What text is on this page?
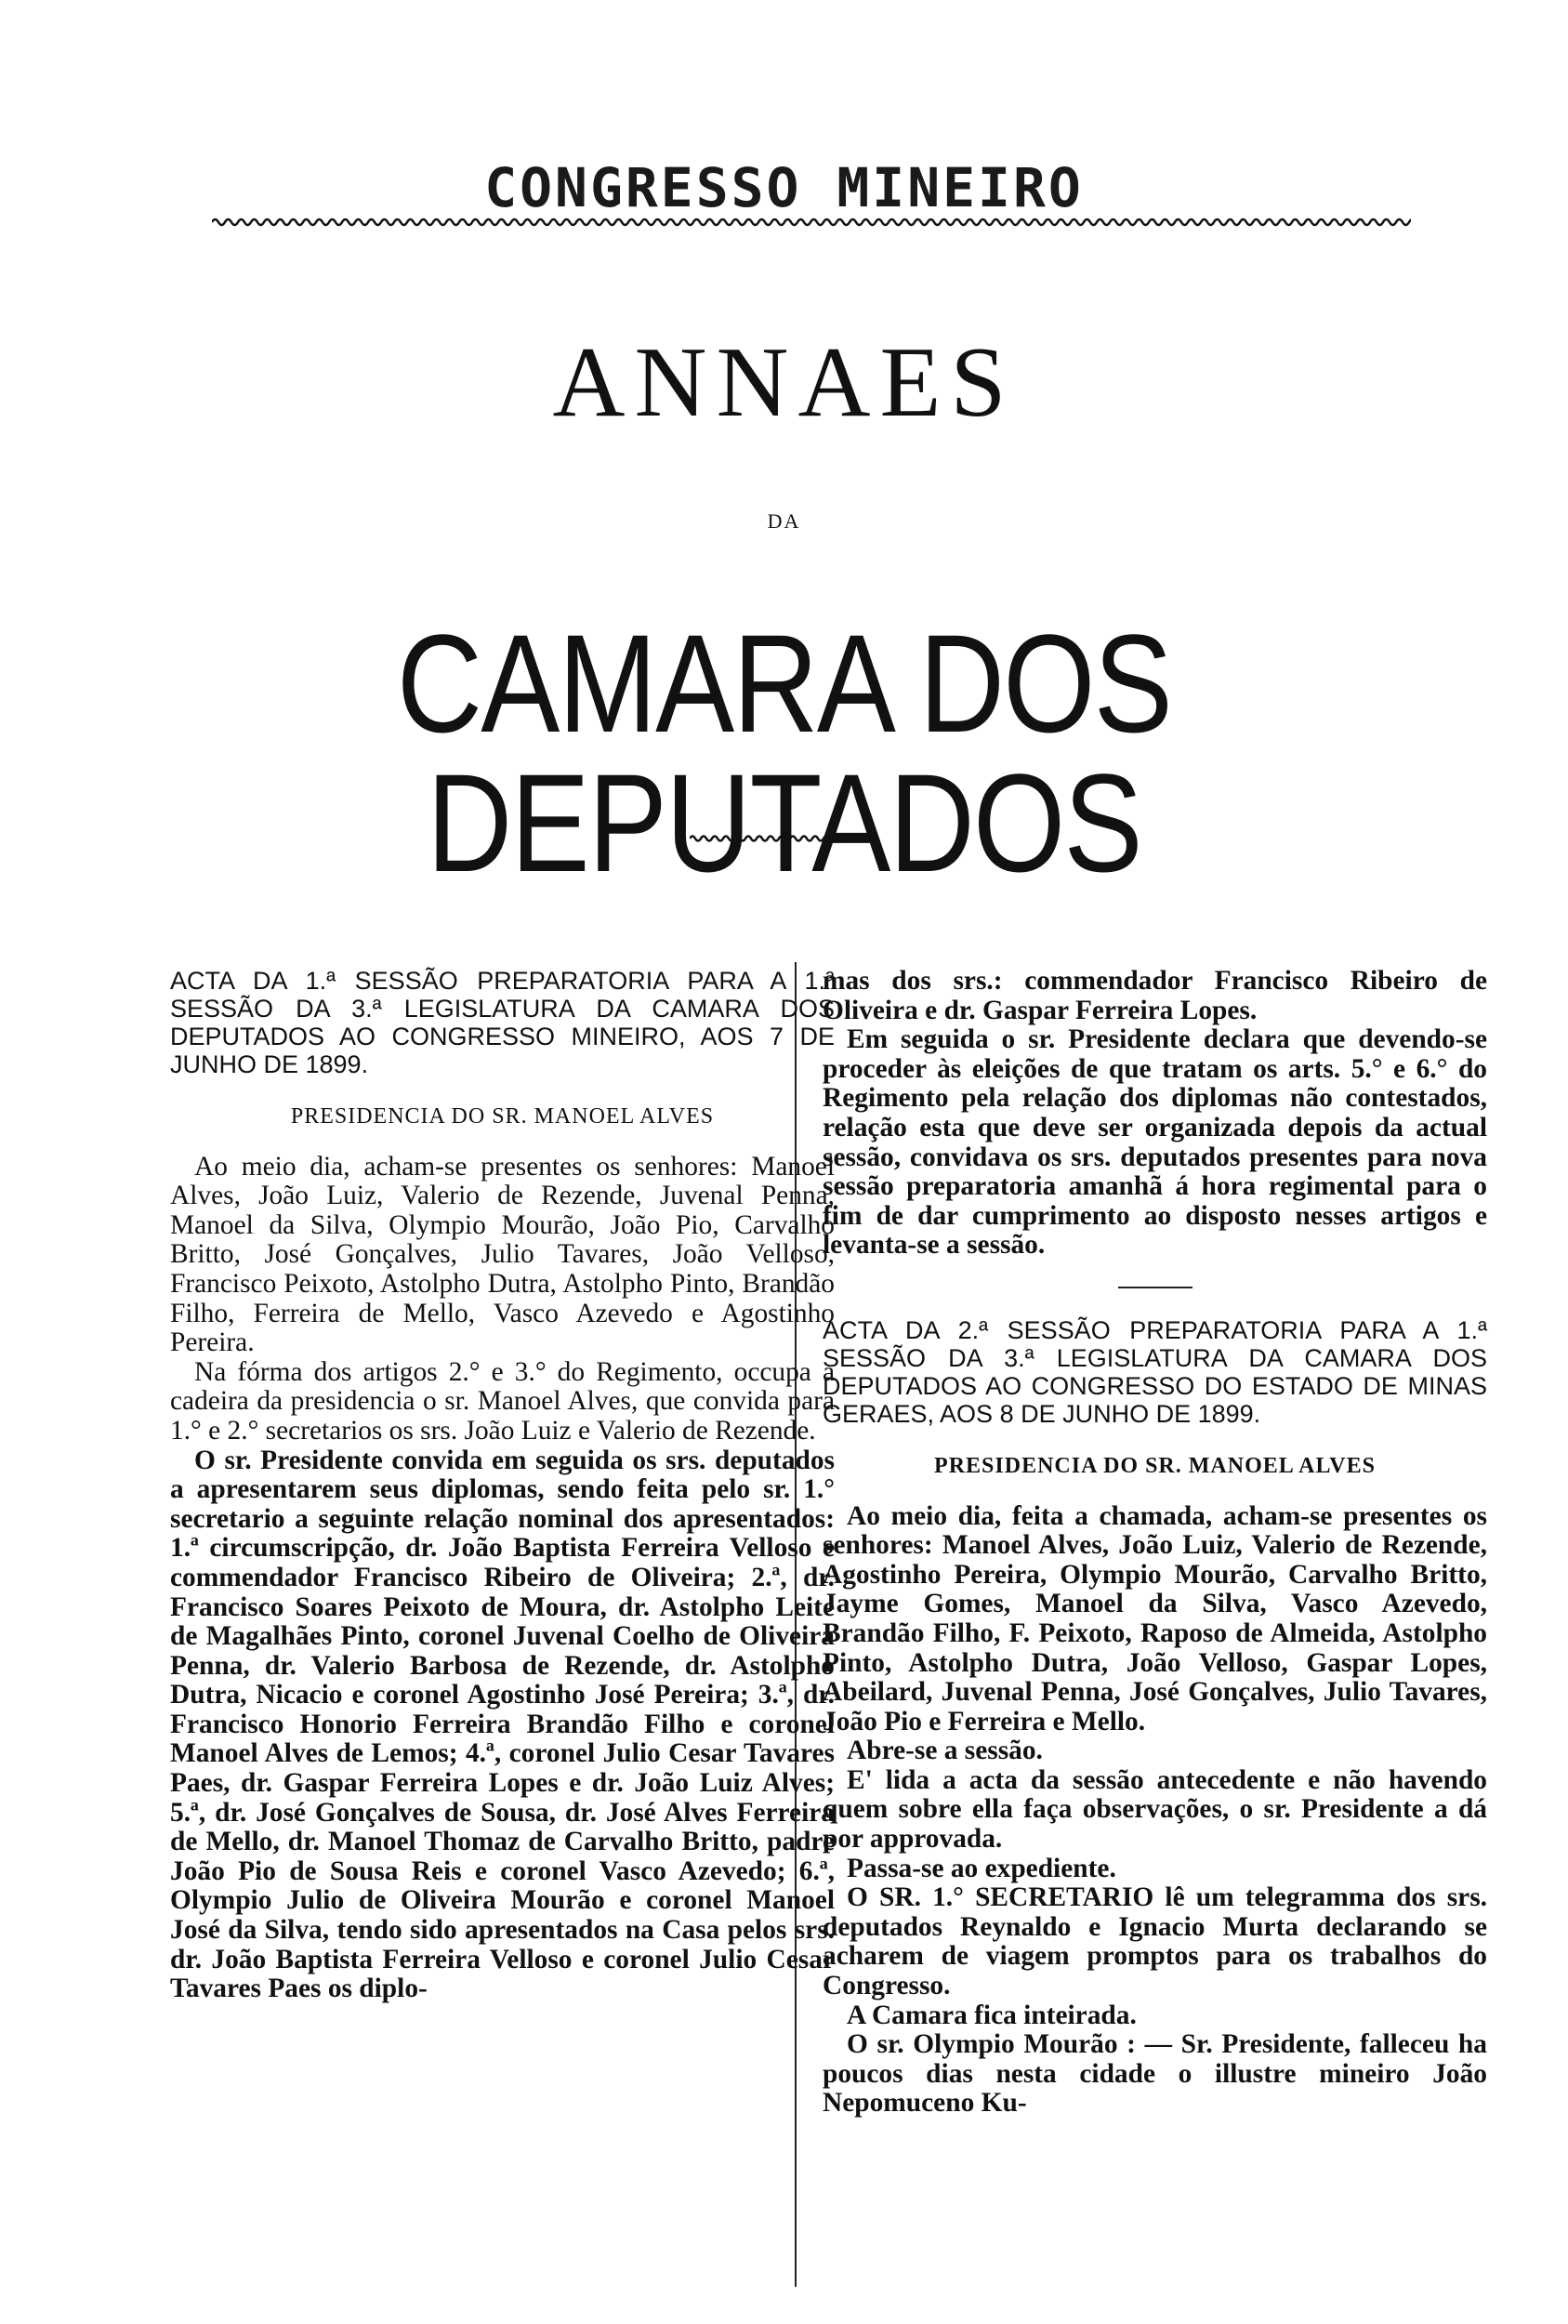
CONGRESSO MINEIRO
ANNAES
DA
CAMARA DOS DEPUTADOS
ACTA DA 1.ª SESSÃO PREPARATORIA PARA A 1.ª SESSÃO DA 3.ª LEGISLATURA DA CAMARA DOS DEPUTADOS AO CONGRESSO MINEIRO, AOS 7 DE JUNHO DE 1899.
PRESIDENCIA DO SR. MANOEL ALVES

Ao meio dia, acham-se presentes os senhores: Manoel Alves, João Luiz, Valerio de Rezende, Juvenal Penna, Manoel da Silva, Olympio Mourão, João Pio, Carvalho Britto, José Gonçalves, Julio Tavares, João Velloso, Francisco Peixoto, Astolpho Dutra, Astolpho Pinto, Brandão Filho, Ferreira de Mello, Vasco Azevedo e Agostinho Pereira.

Na fórma dos artigos 2.° e 3.° do Regimento, occupa a cadeira da presidencia o sr. Manoel Alves, que convida para 1.° e 2.° secretarios os srs. João Luiz e Valerio de Rezende.

O sr. Presidente convida em seguida os srs. deputados a apresentarem seus diplomas, sendo feita pelo sr. 1.° secretario a seguinte relação nominal dos apresentados: 1.ª circumscripção, dr. João Baptista Ferreira Velloso e commendador Francisco Ribeiro de Oliveira; 2.ª, dr. Francisco Soares Peixoto de Moura, dr. Astolpho Leite de Magalhães Pinto, coronel Juvenal Coelho de Oliveira Penna, dr. Valerio Barbosa de Rezende, dr. Astolpho Dutra, Nicacio e coronel Agostinho José Pereira; 3.ª, dr. Francisco Honorio Ferreira Brandão Filho e coronel Manoel Alves de Lemos; 4.ª, coronel Julio Cesar Tavares Paes, dr. Gaspar Ferreira Lopes e dr. João Luiz Alves; 5.ª, dr. José Gonçalves de Sousa, dr. José Alves Ferreira de Mello, dr. Manoel Thomaz de Carvalho Britto, padre João Pio de Sousa Reis e coronel Vasco Azevedo; 6.ª, Olympio Julio de Oliveira Mourão e coronel Manoel José da Silva, tendo sido apresentados na Casa pelos srs. dr. João Baptista Ferreira Velloso e coronel Julio Cesar Tavares Paes os diplo-

mas dos srs.: commendador Francisco Ribeiro de Oliveira e dr. Gaspar Ferreira Lopes.

Em seguida o sr. Presidente declara que devendo-se proceder às eleições de que tratam os arts. 5.° e 6.° do Regimento pela relação dos diplomas não contestados, relação esta que deve ser organizada depois da actual sessão, convidava os srs. deputados presentes para nova sessão preparatoria amanhã á hora regimental para o fim de dar cumprimento ao disposto nesses artigos e levanta-se a sessão.

ACTA DA 2.ª SESSÃO PREPARATORIA PARA A 1.ª SESSÃO DA 3.ª LEGISLATURA DA CAMARA DOS DEPUTADOS AO CONGRESSO DO ESTADO DE MINAS GERAES, AOS 8 DE JUNHO DE 1899.
PRESIDENCIA DO SR. MANOEL ALVES

Ao meio dia, feita a chamada, acham-se presentes os senhores: Manoel Alves, João Luiz, Valerio de Rezende, Agostinho Pereira, Olympio Mourão, Carvalho Britto, Jayme Gomes, Manoel da Silva, Vasco Azevedo, Brandão Filho, F. Peixoto, Raposo de Almeida, Astolpho Pinto, Astolpho Dutra, João Velloso, Gaspar Lopes, Abeilard, Juvenal Penna, José Gonçalves, Julio Tavares, João Pio e Ferreira e Mello.

Abre-se a sessão.

E' lida a acta da sessão antecedente e não havendo quem sobre ella faça observações, o sr. Presidente a dá por approvada.

Passa-se ao expediente.

O SR. 1.° SECRETARIO lê um telegramma dos srs. deputados Reynaldo e Ignacio Murta declarando se acharem de viagem promptos para os trabalhos do Congresso.

A Camara fica inteirada.

O sr. Olympio Mourão : — Sr. Presidente, falleceu ha poucos dias nesta cidade o illustre mineiro João Nepomuceno Ku-
